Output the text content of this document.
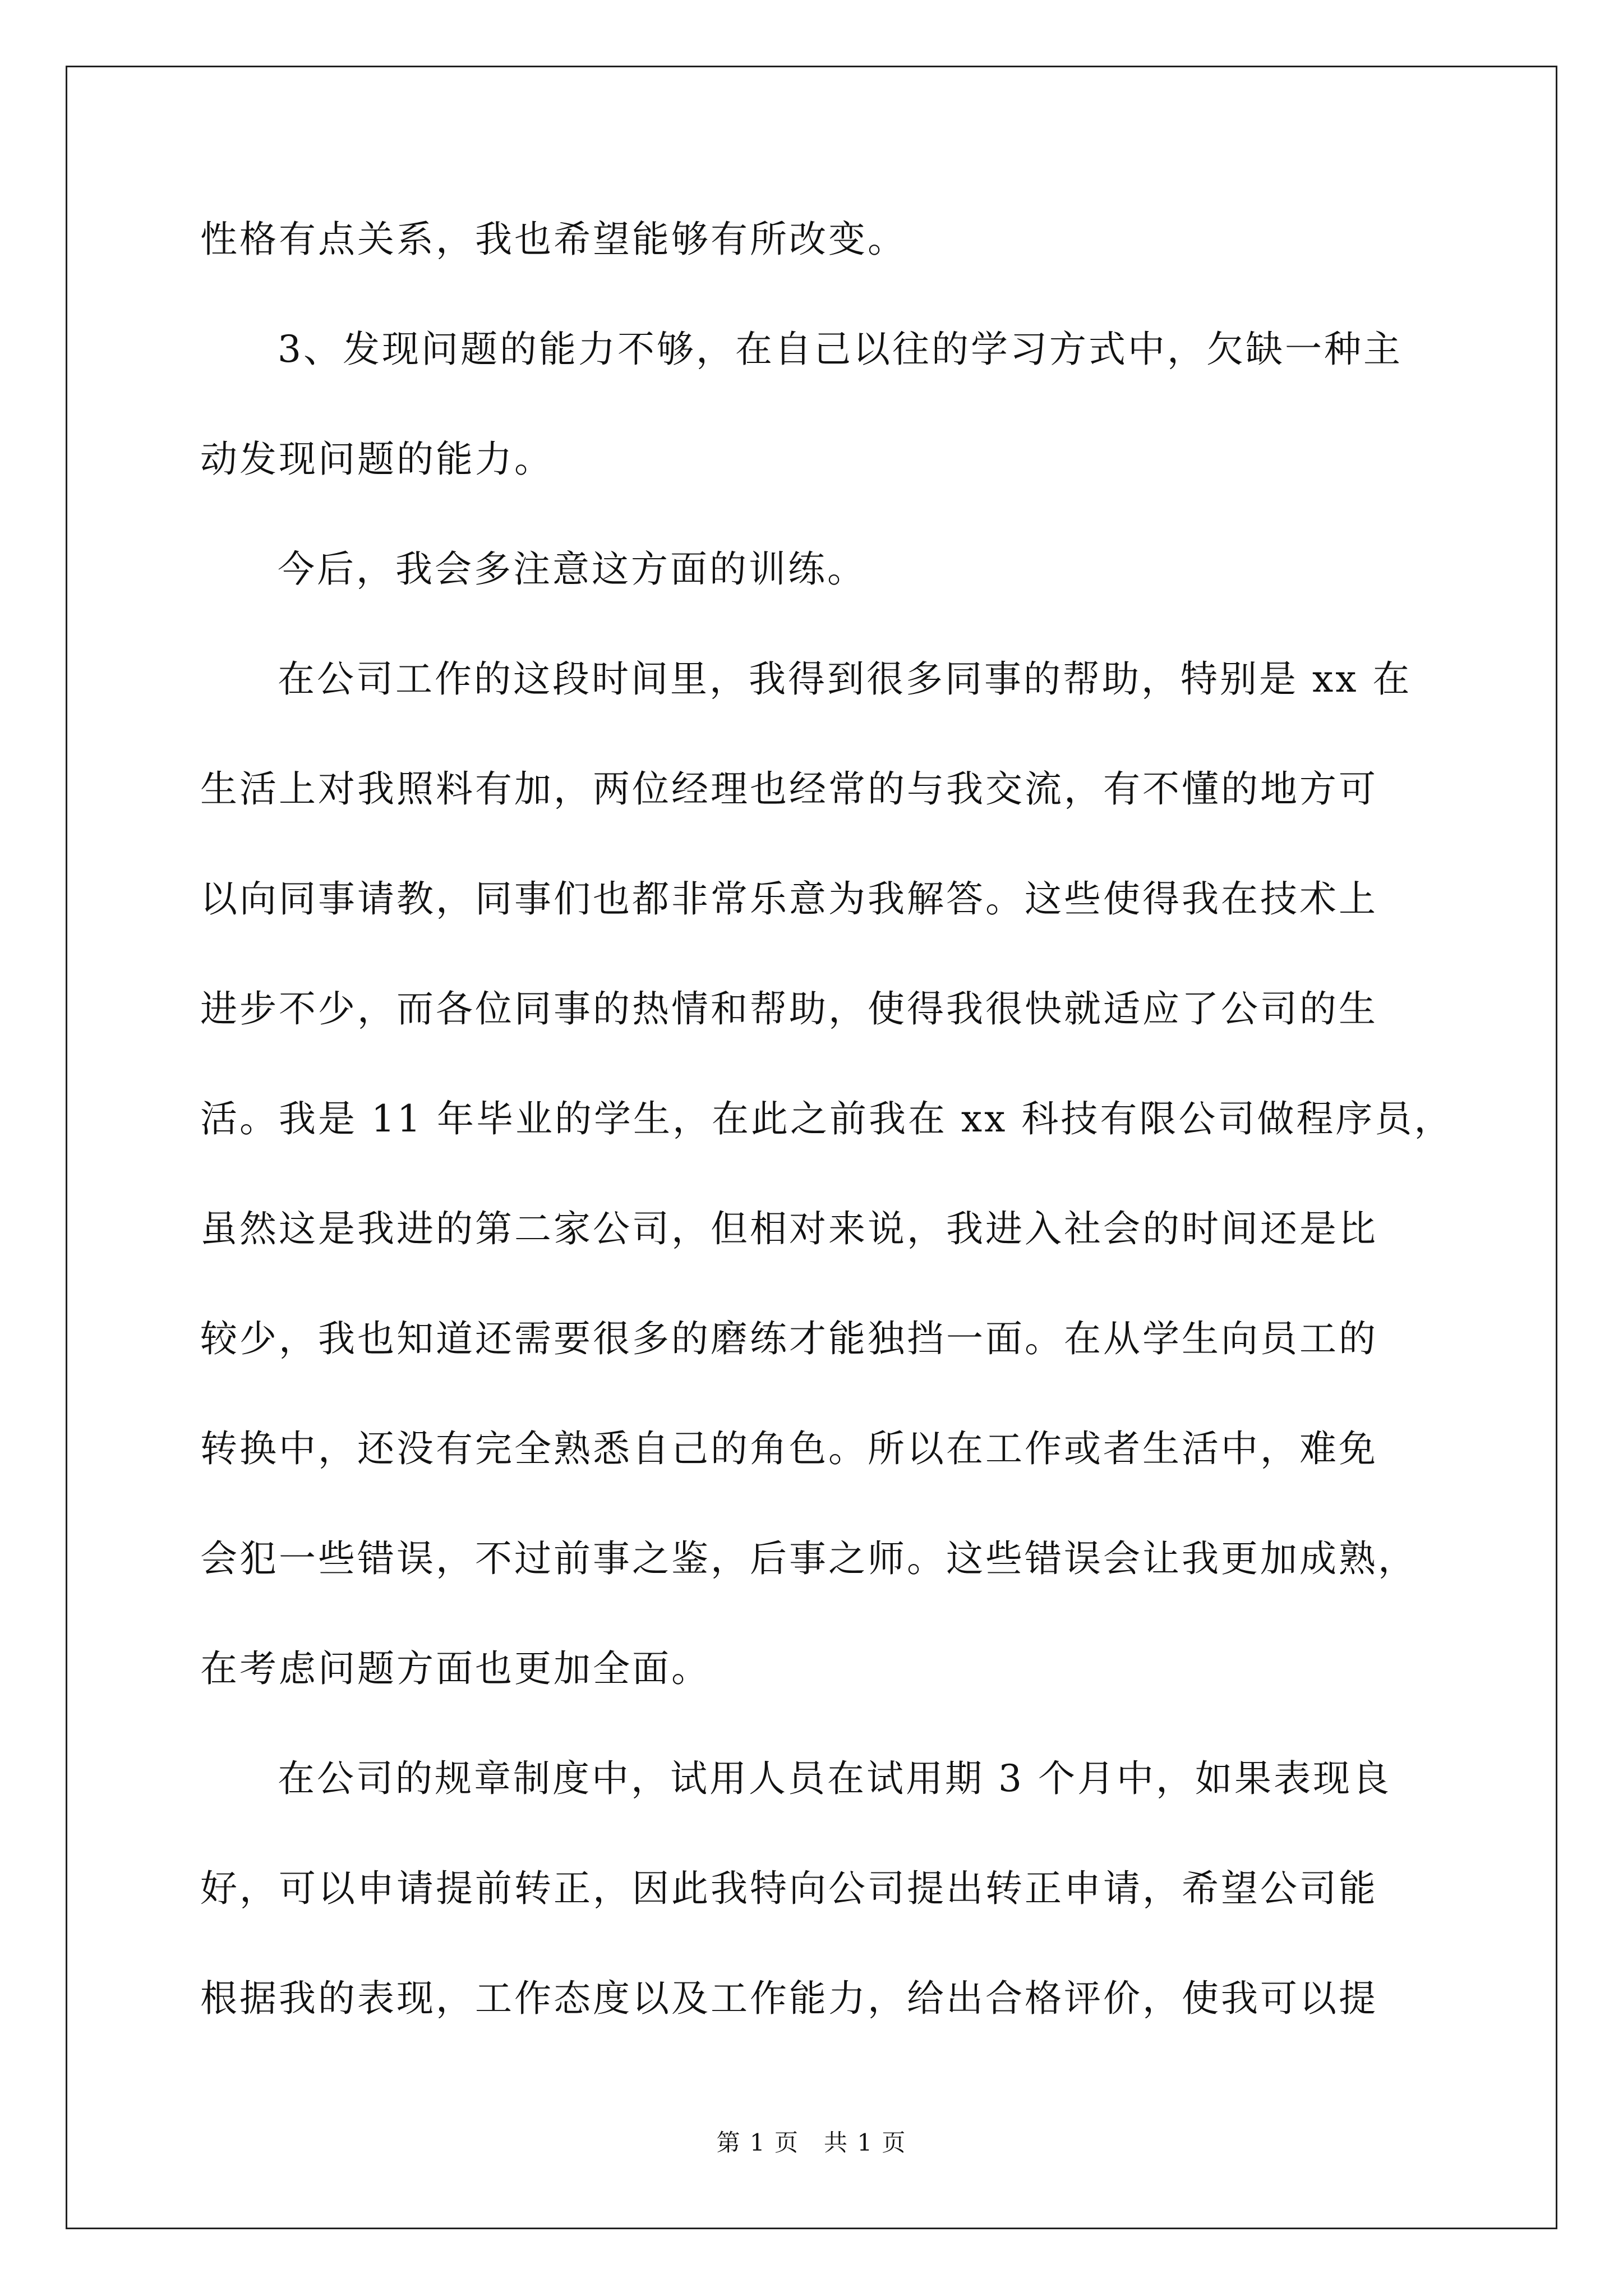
性格有点关系，我也希望能够有所改变。
3、发现问题的能力不够，在自己以往的学习方式中，欠缺一种主
动发现问题的能力。
今后，我会多注意这方面的训练。
在公司工作的这段时间里，我得到很多同事的帮助，特别是 xx 在
生活上对我照料有加，两位经理也经常的与我交流，有不懂的地方可
以向同事请教，同事们也都非常乐意为我解答。这些使得我在技术上
进步不少，而各位同事的热情和帮助，使得我很快就适应了公司的生
活。我是 11 年毕业的学生，在此之前我在 xx 科技有限公司做程序员，
虽然这是我进的第二家公司，但相对来说，我进入社会的时间还是比
较少，我也知道还需要很多的磨练才能独挡一面。在从学生向员工的
转换中，还没有完全熟悉自己的角色。所以在工作或者生活中，难免
会犯一些错误，不过前事之鉴，后事之师。这些错误会让我更加成熟，
在考虑问题方面也更加全面。
在公司的规章制度中，试用人员在试用期 3 个月中，如果表现良
好，可以申请提前转正，因此我特向公司提出转正申请，希望公司能
根据我的表现，工作态度以及工作能力，给出合格评价，使我可以提
第 1 页　共 1 页
